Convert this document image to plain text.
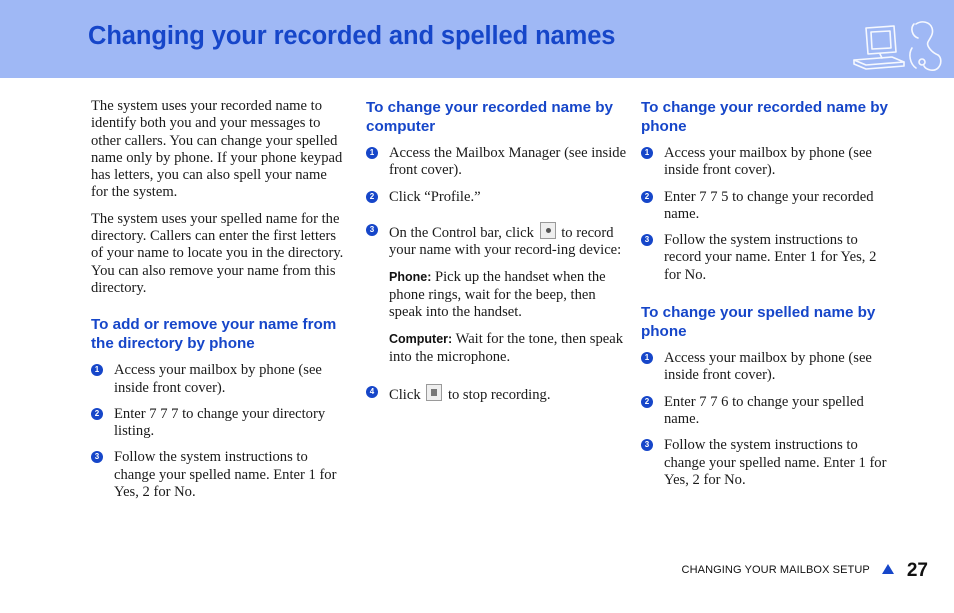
Changing your recorded and spelled names

The system uses your recorded name to identify both you and your messages to other callers. You can change your spelled name only by phone. If your phone keypad has letters, you can also spell your name for the system.

The system uses your spelled name for the directory. Callers can enter the first letters of your name to locate you in the directory. You can also remove your name from this directory.

To add or remove your name from the directory by phone
1 Access your mailbox by phone (see inside front cover).
2 Enter 7 7 7 to change your directory listing.
3 Follow the system instructions to change your spelled name. Enter 1 for Yes, 2 for No.
To change your recorded name by computer
1 Access the Mailbox Manager (see inside front cover).
2 Click “Profile.”
3 On the Control bar, click to record your name with your record-ing device:
Phone: Pick up the handset when the phone rings, wait for the beep, then speak into the handset.
Computer: Wait for the tone, then speak into the microphone.
4 Click to stop recording.
To change your recorded name by phone
1 Access your mailbox by phone (see inside front cover).
2 Enter 7 7 5 to change your recorded name.
3 Follow the system instructions to record your name. Enter 1 for Yes, 2 for No.
To change your spelled name by phone
1 Access your mailbox by phone (see inside front cover).
2 Enter 7 7 6 to change your spelled name.
3 Follow the system instructions to change your spelled name. Enter 1 for Yes, 2 for No.
CHANGING YOUR MAILBOX SETUP 27
